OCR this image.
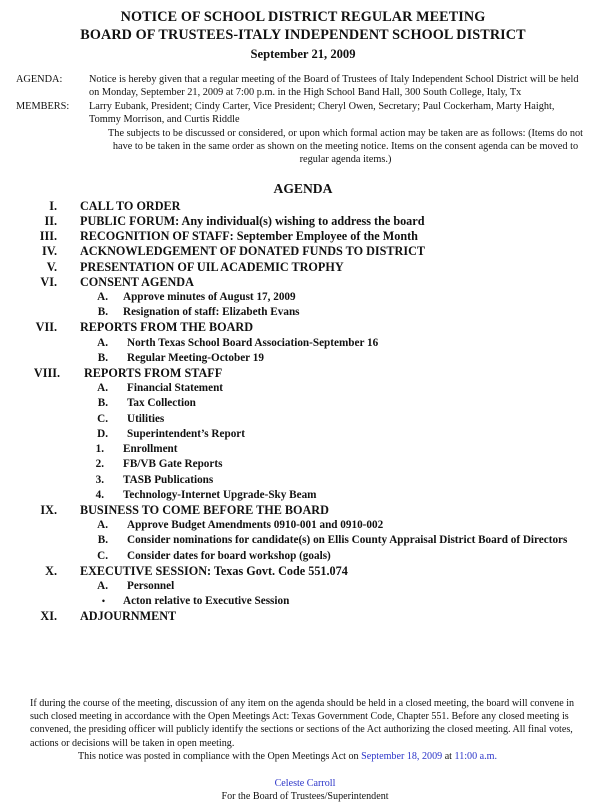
NOTICE OF SCHOOL DISTRICT REGULAR MEETING
BOARD OF TRUSTEES-ITALY INDEPENDENT SCHOOL DISTRICT
September 21, 2009
AGENDA:	Notice is hereby given that a regular meeting of the Board of Trustees of Italy Independent School District will be held on Monday, September 21, 2009 at 7:00 p.m. in the High School Band Hall, 300 South College, Italy, Tx
MEMBERS:	Larry Eubank, President; Cindy Carter, Vice President; Cheryl Owen, Secretary; Paul Cockerham, Marty Haight, Tommy Morrison, and Curtis Riddle
The subjects to be discussed or considered, or upon which formal action may be taken are as follows: (Items do not have to be taken in the same order as shown on the meeting notice. Items on the consent agenda can be moved to regular agenda items.)
AGENDA
I.	CALL TO ORDER
II.	PUBLIC FORUM: Any individual(s) wishing to address the board
III.	RECOGNITION OF STAFF: September Employee of the Month
IV.	ACKNOWLEDGEMENT OF DONATED FUNDS TO DISTRICT
V.	PRESENTATION OF UIL ACADEMIC TROPHY
VI.	CONSENT AGENDA
A.	Approve minutes of August 17, 2009
B.	Resignation of staff: Elizabeth Evans
VII.	REPORTS FROM THE BOARD
A.	North Texas School Board Association-September 16
B.	Regular Meeting-October 19
VIII.	REPORTS FROM STAFF
A.	Financial Statement
B.	Tax Collection
C.	Utilities
D.	Superintendent’s Report
1.	Enrollment
2.	FB/VB Gate Reports
3.	TASB Publications
4.	Technology-Internet Upgrade-Sky Beam
IX.	BUSINESS TO COME BEFORE THE BOARD
A.	Approve Budget Amendments 0910-001 and 0910-002
B.	Consider nominations for candidate(s) on Ellis County Appraisal District Board of Directors
C.	Consider dates for board workshop (goals)
X.	EXECUTIVE SESSION: Texas Govt. Code 551.074
A.	Personnel
•	Acton relative to Executive Session
XI.	ADJOURNMENT
If during the course of the meeting, discussion of any item on the agenda should be held in a closed meeting, the board will convene in such closed meeting in accordance with the Open Meetings Act: Texas Government Code, Chapter 551. Before any closed meeting is convened, the presiding officer will publicly identify the sections or sections of the Act authorizing the closed meeting. All final votes, actions or decisions will be taken in open meeting.
This notice was posted in compliance with the Open Meetings Act on September 18, 2009 at 11:00 a.m.
Celeste Carroll
For the Board of Trustees/Superintendent
